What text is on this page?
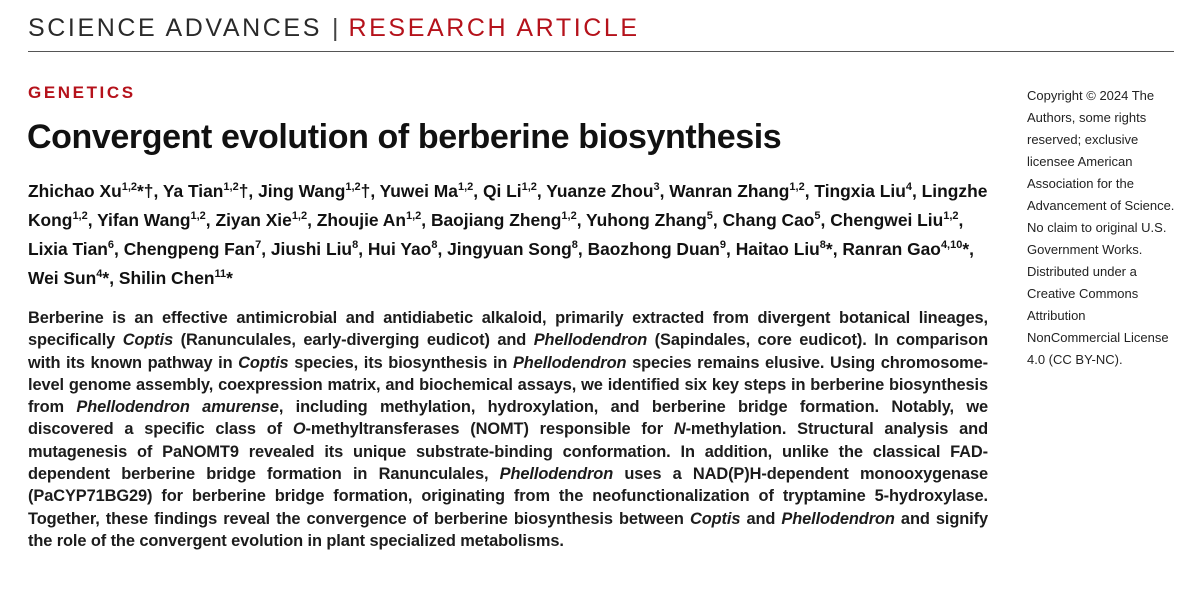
SCIENCE ADVANCES | RESEARCH ARTICLE
GENETICS
Convergent evolution of berberine biosynthesis
Zhichao Xu$^{1,2}$*†, Ya Tian$^{1,2}$†, Jing Wang$^{1,2}$†, Yuwei Ma$^{1,2}$, Qi Li$^{1,2}$, Yuanze Zhou$^3$, Wanran Zhang$^{1,2}$, Tingxia Liu$^4$, Lingzhe Kong$^{1,2}$, Yifan Wang$^{1,2}$, Ziyan Xie$^{1,2}$, Zhoujie An$^{1,2}$, Baojiang Zheng$^{1,2}$, Yuhong Zhang$^5$, Chang Cao$^5$, Chengwei Liu$^{1,2}$, Lixia Tian$^6$, Chengpeng Fan$^7$, Jiushi Liu$^8$, Hui Yao$^8$, Jingyuan Song$^8$, Baozhong Duan$^9$, Haitao Liu$^8$*, Ranran Gao$^{4,10}$*, Wei Sun$^4$*, Shilin Chen$^{11}$*
Berberine is an effective antimicrobial and antidiabetic alkaloid, primarily extracted from divergent botanical lineages, specifically Coptis (Ranunculales, early-diverging eudicot) and Phellodendron (Sapindales, core eudicot). In comparison with its known pathway in Coptis species, its biosynthesis in Phellodendron species remains elusive. Using chromosome-level genome assembly, coexpression matrix, and biochemical assays, we identified six key steps in berberine biosynthesis from Phellodendron amurense, including methylation, hydroxylation, and berberine bridge formation. Notably, we discovered a specific class of O-methyltransferases (NOMT) responsible for N-methylation. Structural analysis and mutagenesis of PaNOMT9 revealed its unique substrate-binding conformation. In addition, unlike the classical FAD-dependent berberine bridge formation in Ranunculales, Phellodendron uses a NAD(P)H-dependent monooxygenase (PaCYP71BG29) for berberine bridge formation, originating from the neofunctionalization of tryptamine 5-hydroxylase. Together, these findings reveal the convergence of berberine biosynthesis between Coptis and Phellodendron and signify the role of the convergent evolution in plant specialized metabolisms.
Copyright © 2024 The Authors, some rights reserved; exclusive licensee American Association for the Advancement of Science. No claim to original U.S. Government Works. Distributed under a Creative Commons Attribution NonCommercial License 4.0 (CC BY-NC).
